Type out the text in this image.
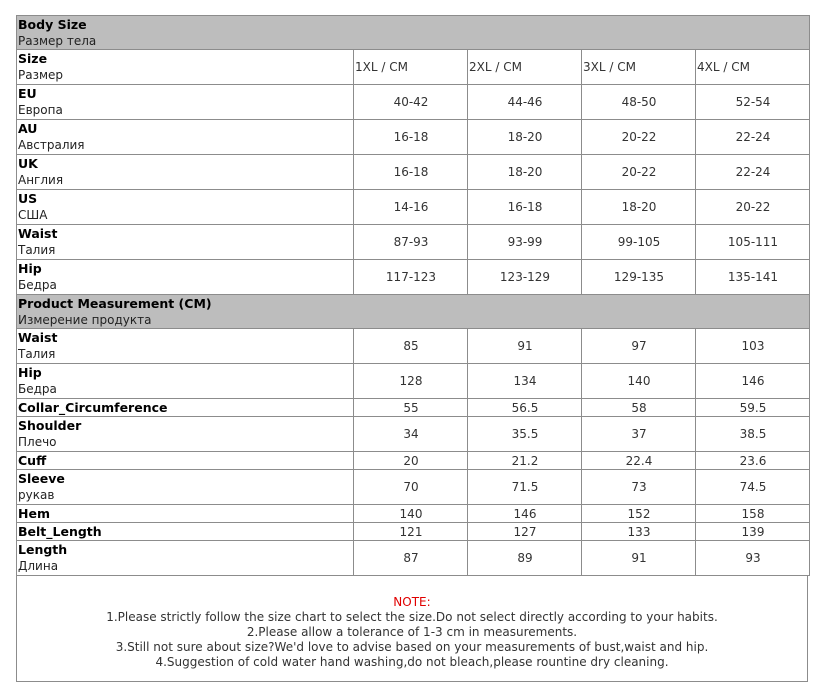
Body Size
Размер тела				

Size
Размер	1XL / CM	2XL / CM	3XL / CM	4XL / CM

EU
Европа	40-42	44-46	48-50	52-54

AU
Австралия	16-18	18-20	20-22	22-24

UK
Англия	16-18	18-20	20-22	22-24

US
США	14-16	16-18	18-20	20-22

Waist
Талия	87-93	93-99	99-105	105-111

Hip
Бедра	117-123	123-129	129-135	135-141

Product Measurement (CM)
Измерение продукта				

Waist
Талия	85	91	97	103

Hip
Бедра	128	134	140	146

Collar_Circumference	55	56.5	58	59.5

Shoulder
Плечо	34	35.5	37	38.5

Cuff	20	21.2	22.4	23.6

Sleeve
рукав	70	71.5	73	74.5

Hem	140	146	152	158

Belt_Length	121	127	133	139

Length
Длина	87	89	91	93
NOTE:
1.Please strictly follow the size chart to select the size.Do not select directly according to your habits.
2.Please allow a tolerance of 1-3 cm in measurements.
3.Still not sure about size?We'd love to advise based on your measurements of bust,waist and hip.
4.Suggestion of cold water hand washing,do not bleach,please rountine dry cleaning.
